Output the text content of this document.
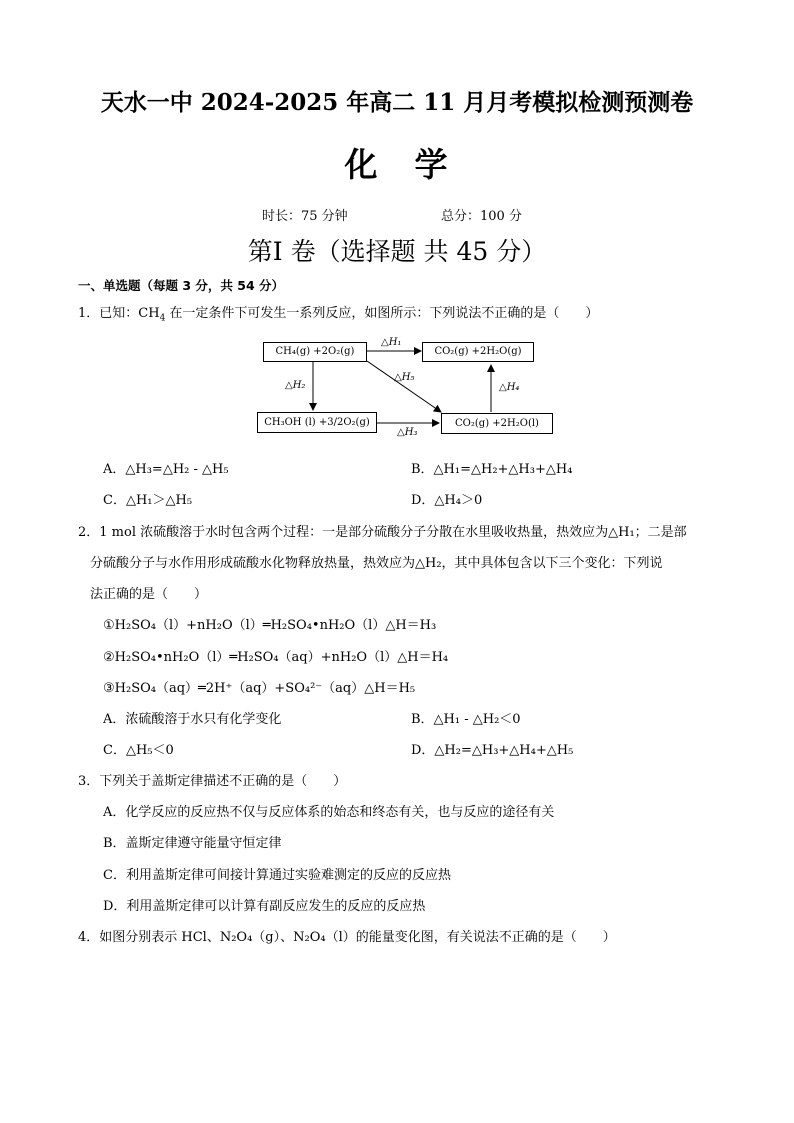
天水一中 2024-2025 年高二 11 月月考模拟检测预测卷
化　学
时长：75 分钟	总分：100 分
第Ⅰ 卷（选择题 共 45 分）
一、单选题（每题 3 分，共 54 分）
1．已知：$CH_4$ 在一定条件下可发生一系列反应，如图所示：下列说法不正确的是（　　）
CH₄(g) +2O₂(g)	CO₂(g) +2H₂O(g)
CH₃OH (l) +3/2O₂(g)	CO₂(g) +2H₂O(l)
△H₁
△H₂
△H₃
△H₄
△H₅
A．△H₃=△H₂ - △H₅	B．△H₁=△H₂+△H₃+△H₄
C．△H₁＞△H₅	D．△H₄＞0
2．1 mol 浓硫酸溶于水时包含两个过程：一是部分硫酸分子分散在水里吸收热量，热效应为△H₁；二是部
分硫酸分子与水作用形成硫酸水化物释放热量，热效应为△H₂，其中具体包含以下三个变化：下列说
法正确的是（　　）
①H₂SO₄（l）+nH₂O（l）═H₂SO₄•nH₂O（l）△H＝H₃
②H₂SO₄•nH₂O（l）═H₂SO₄（aq）+nH₂O（l）△H＝H₄
③H₂SO₄（aq）═2H⁺（aq）+SO₄²⁻（aq）△H＝H₅
A．浓硫酸溶于水只有化学变化	B．△H₁ - △H₂＜0
C．△H₅＜0	D．△H₂=△H₃+△H₄+△H₅
3．下列关于盖斯定律描述不正确的是（　　）
A．化学反应的反应热不仅与反应体系的始态和终态有关，也与反应的途径有关
B．盖斯定律遵守能量守恒定律
C．利用盖斯定律可间接计算通过实验难测定的反应的反应热
D．利用盖斯定律可以计算有副反应发生的反应的反应热
4．如图分别表示 HCl、N₂O₄（g）、N₂O₄（l）的能量变化图，有关说法不正确的是（　　）
